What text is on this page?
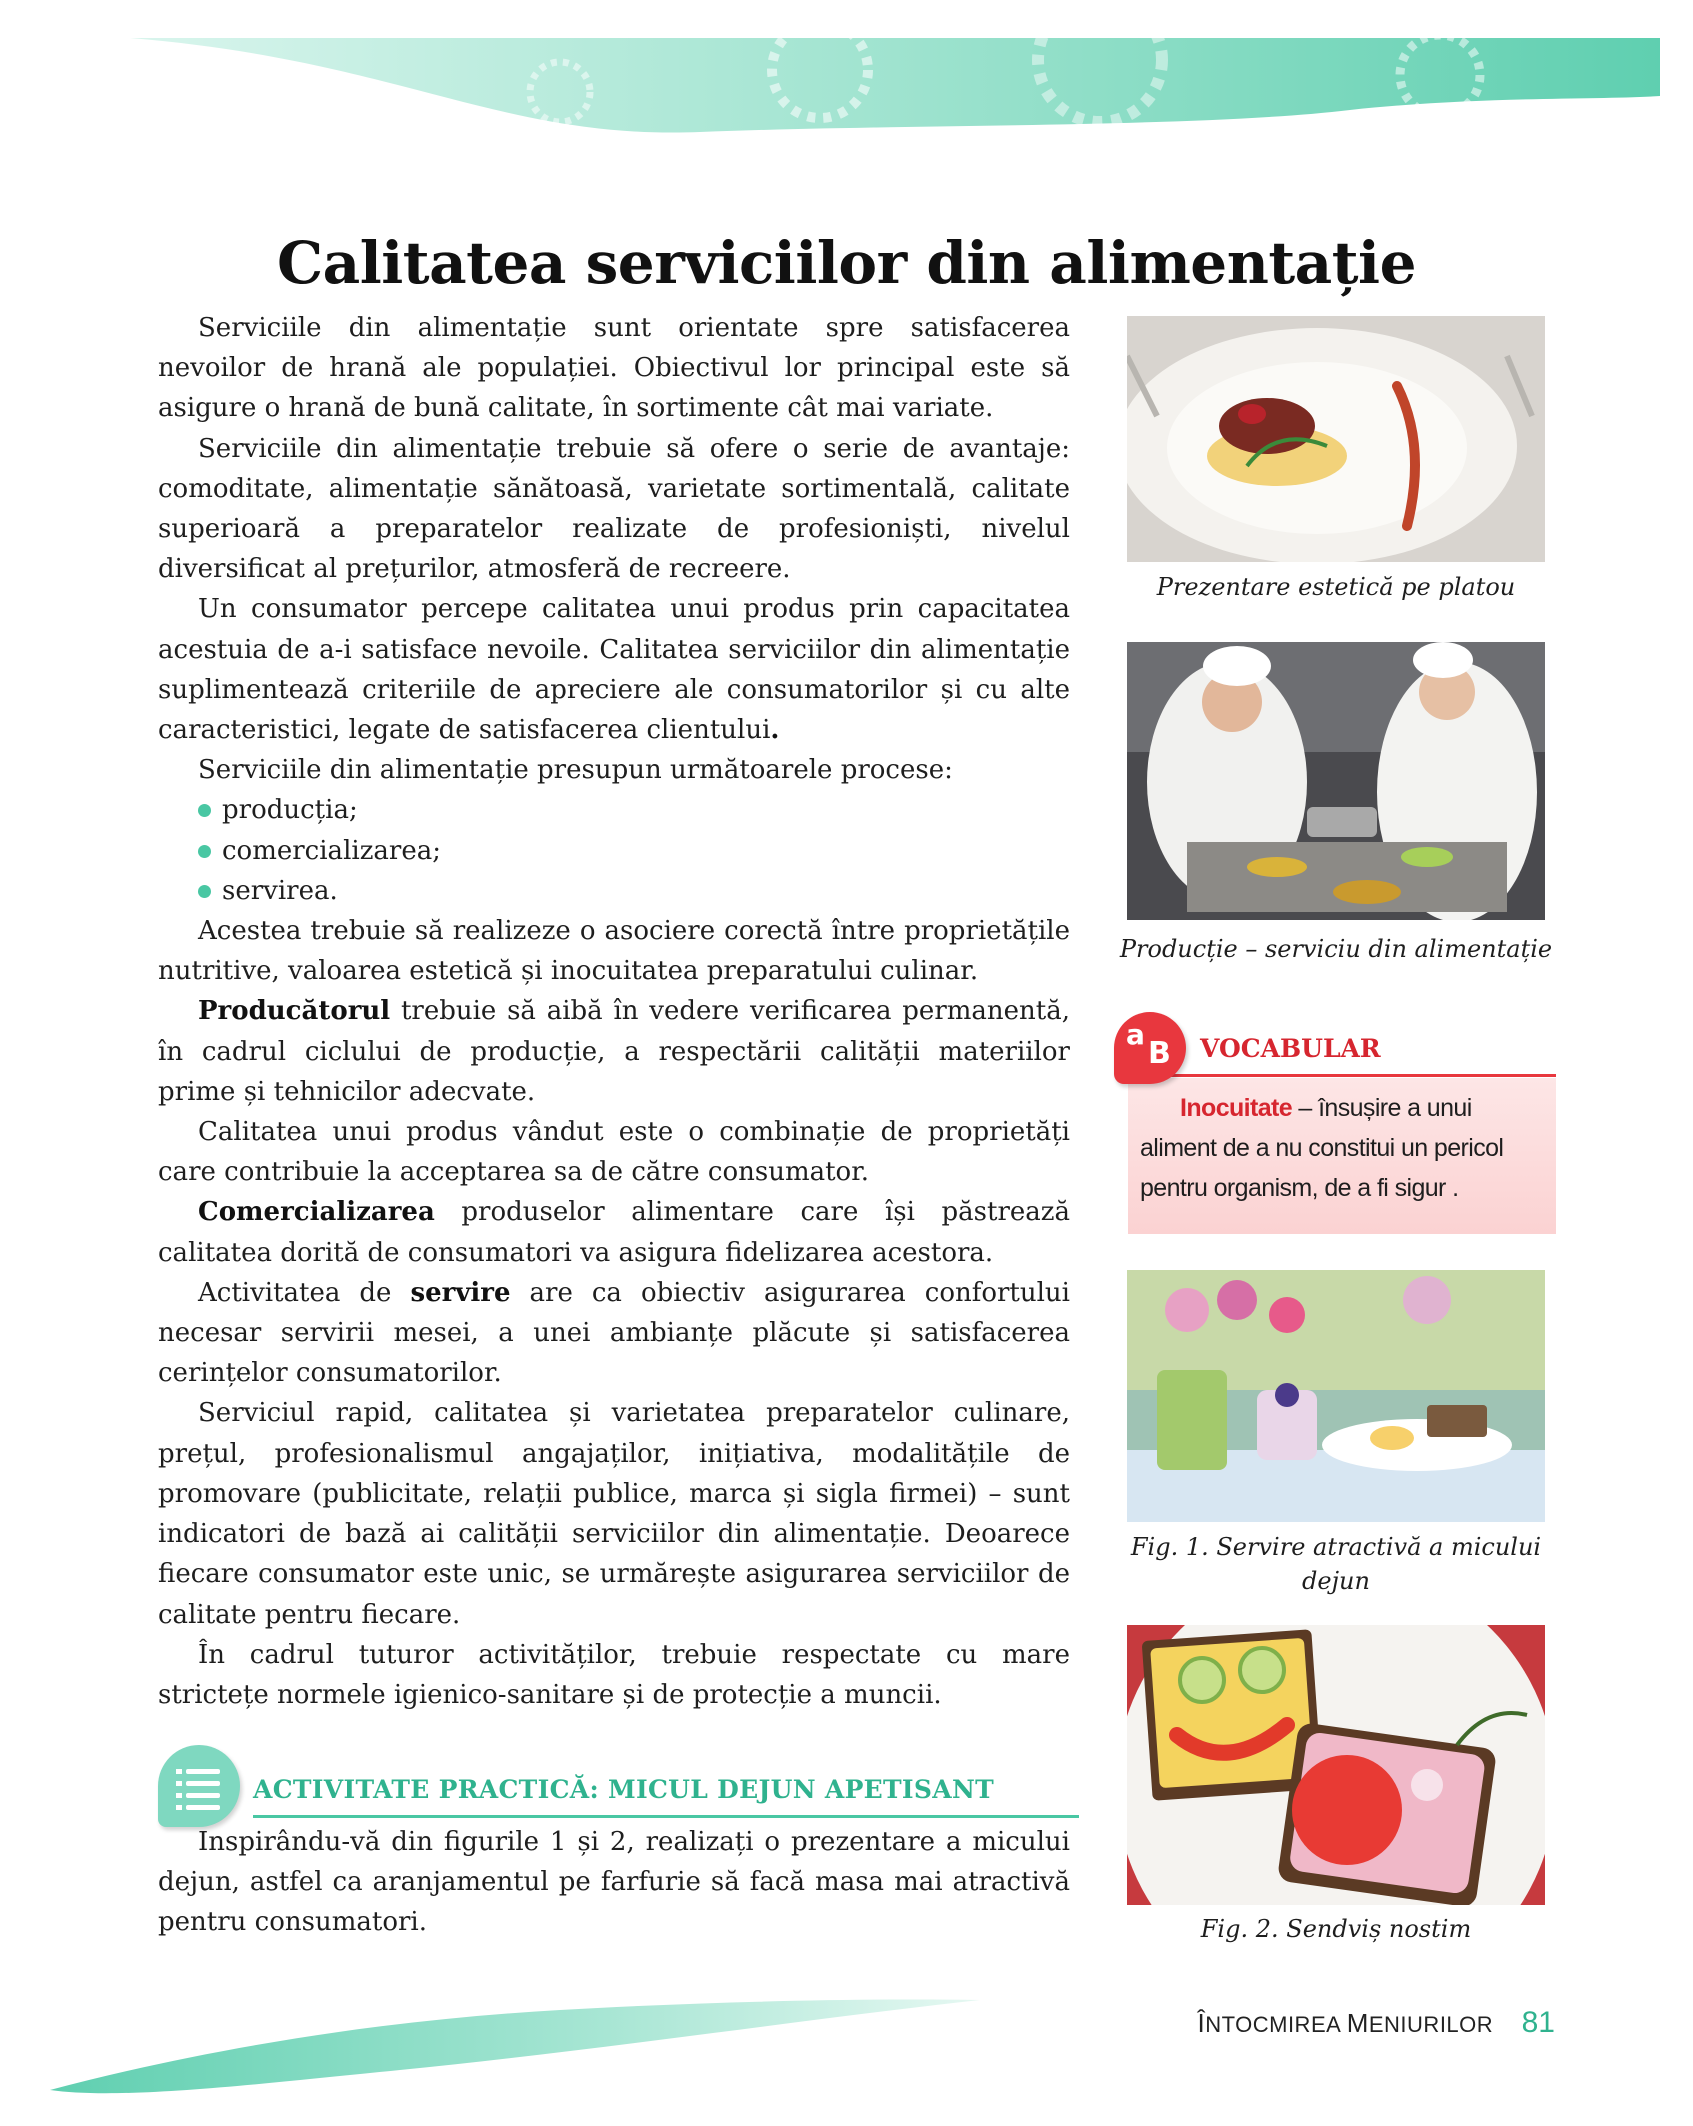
Calitatea serviciilor din alimentație

Serviciile din alimentație sunt orientate spre satisfacerea nevoilor de hrană ale populației. Obiectivul lor principal este să asigure o hrană de bună calitate, în sortimente cât mai variate.

Serviciile din alimentație trebuie să ofere o serie de avantaje: comoditate, alimentație sănătoasă, varietate sortimentală, calitate superioară a preparatelor realizate de profesioniști, nivelul diversificat al prețurilor, atmosferă de recreere.

Un consumator percepe calitatea unui produs prin capacitatea acestuia de a-i satisface nevoile. Calitatea serviciilor din alimentație suplimentează criteriile de apreciere ale consumatorilor și cu alte caracteristici, legate de satisfacerea clientului.

Serviciile din alimentație presupun următoarele procese:

producția;
comercializarea;
servirea.

Acestea trebuie să realizeze o asociere corectă între proprietățile nutritive, valoarea estetică și inocuitatea preparatului culinar.

Producătorul trebuie să aibă în vedere verificarea permanentă, în cadrul ciclului de producție, a respectării calității materiilor prime și tehnicilor adecvate.

Calitatea unui produs vândut este o combinație de proprietăți care contribuie la acceptarea sa de către consumator.

Comercializarea produselor alimentare care își păstrează calitatea dorită de consumatori va asigura fidelizarea acestora.

Activitatea de servire are ca obiectiv asigurarea confortului necesar servirii mesei, a unei ambianțe plăcute și satisfacerea cerințelor consumatorilor.

Serviciul rapid, calitatea și varietatea preparatelor culinare, prețul, profesionalismul angajaților, inițiativa, modalitățile de promovare (publicitate, relații publice, marca și sigla firmei) – sunt indicatori de bază ai calității serviciilor din alimentație. Deoarece fiecare consumator este unic, se urmărește asigurarea serviciilor de calitate pentru fiecare.

În cadrul tuturor activităților, trebuie respectate cu mare strictețe normele igienico-sanitare și de protecție a muncii.

ACTIVITATE PRACTICĂ: MICUL DEJUN APETISANT

Inspirându-vă din figurile 1 și 2, realizați o prezentare a micului dejun, astfel ca aranjamentul pe farfurie să facă masa mai atractivă pentru consumatori.

Prezentare estetică pe platou
Producție – serviciu din alimentație
a
B VOCABULAR
Inocuitate – însușire a unui aliment de a nu constitui un pericol pentru organism, de a fi sigur .
Fig. 1. Servire atractivă a micului dejun
Fig. 2. Sendviș nostim
ÎNTOCMIREA MENIURILOR 81
